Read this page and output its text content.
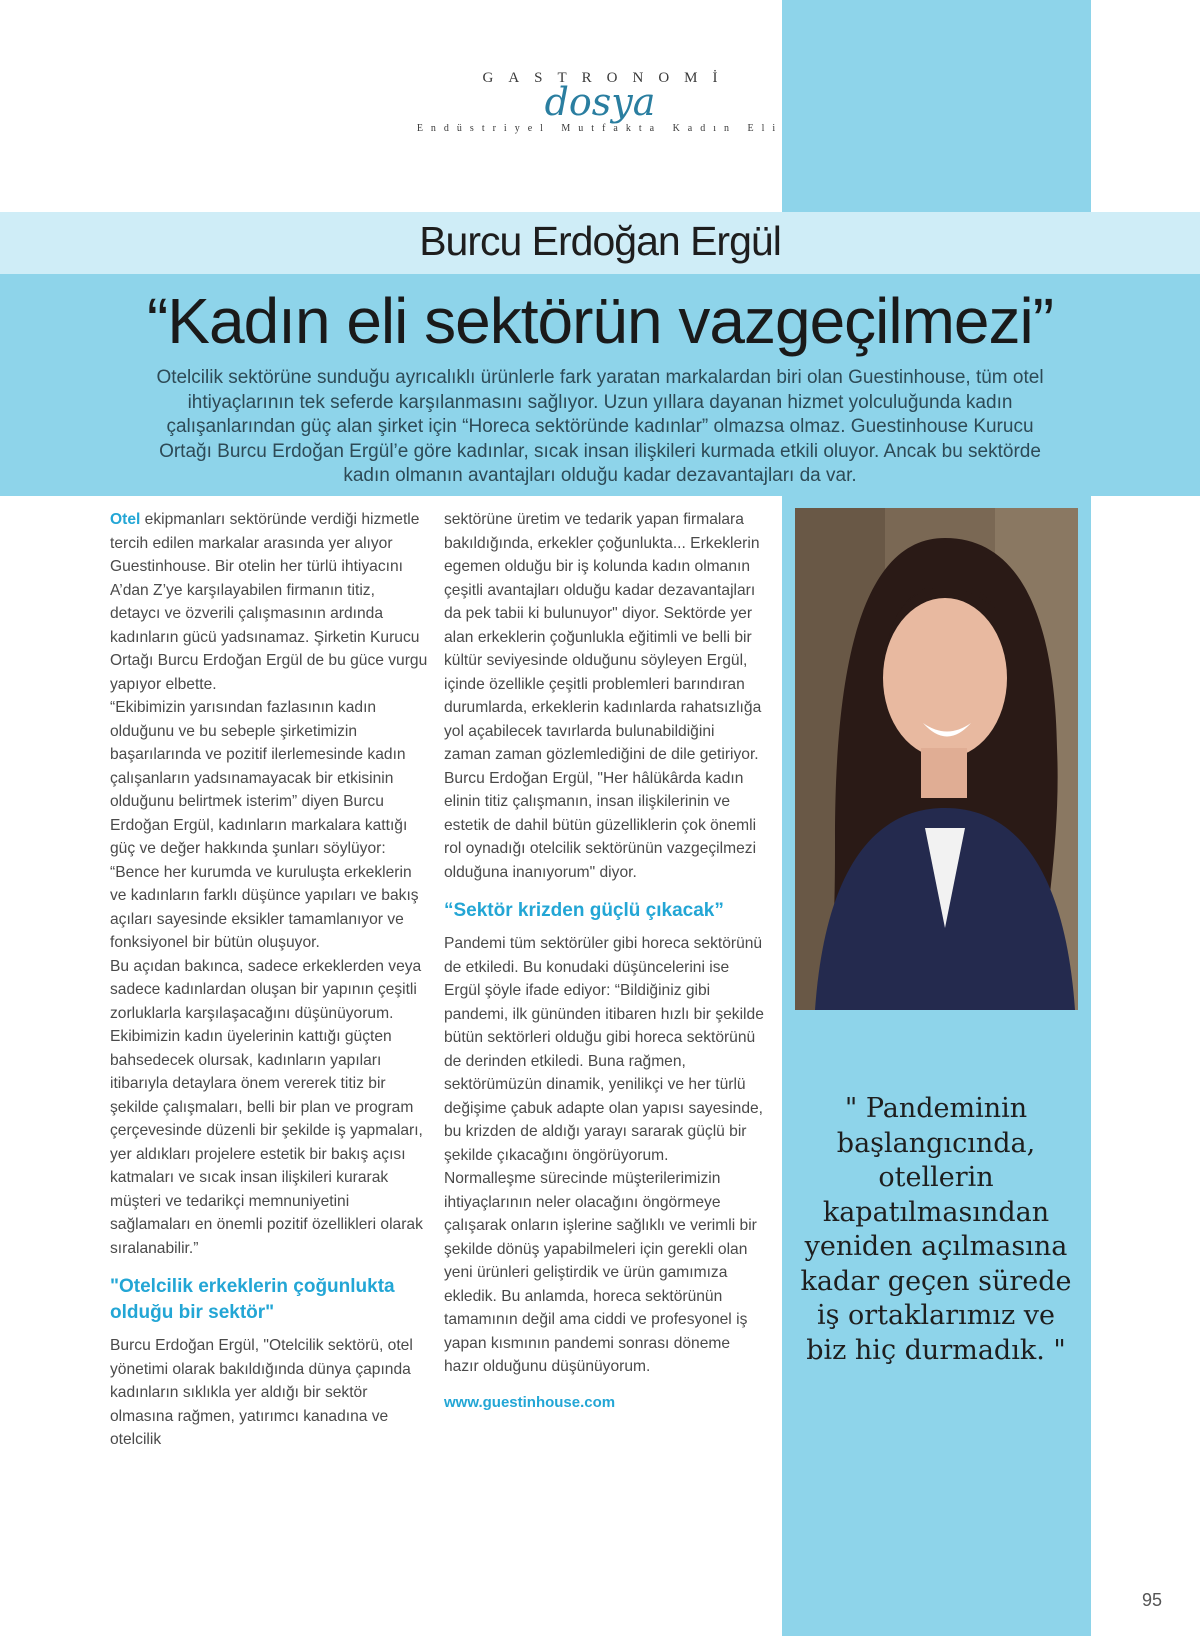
GASTRONOMİ
dosya
Endüstriyel Mutfakta Kadın Eli
Burcu Erdoğan Ergül
“Kadın eli sektörün vazgeçilmezi”
Otelcilik sektörüne sunduğu ayrıcalıklı ürünlerle fark yaratan markalardan biri olan Guestinhouse, tüm otel ihtiyaçlarının tek seferde karşılanmasını sağlıyor. Uzun yıllara dayanan hizmet yolculuğunda kadın çalışanlarından güç alan şirket için “Horeca sektöründe kadınlar” olmazsa olmaz. Guestinhouse Kurucu Ortağı Burcu Erdoğan Ergül’e göre kadınlar, sıcak insan ilişkileri kurmada etkili oluyor. Ancak bu sektörde kadın olmanın avantajları olduğu kadar dezavantajları da var.

Otel ekipmanları sektöründe verdiği hizmetle tercih edilen markalar arasında yer alıyor Guestinhouse. Bir otelin her türlü ihtiyacını A’dan Z’ye karşılayabilen firmanın titiz, detaycı ve özverili çalışmasının ardında kadınların gücü yadsınamaz. Şirketin Kurucu Ortağı Burcu Erdoğan Ergül de bu güce vurgu yapıyor elbette.

“Ekibimizin yarısından fazlasının kadın olduğunu ve bu sebeple şirketimizin başarılarında ve pozitif ilerlemesinde kadın çalışanların yadsınamayacak bir etkisinin olduğunu belirtmek isterim” diyen Burcu Erdoğan Ergül, kadınların markalara kattığı güç ve değer hakkında şunları söylüyor: “Bence her kurumda ve kuruluşta erkeklerin ve kadınların farklı düşünce yapıları ve bakış açıları sayesinde eksikler tamamlanıyor ve fonksiyonel bir bütün oluşuyor.

Bu açıdan bakınca, sadece erkeklerden veya sadece kadınlardan oluşan bir yapının çeşitli zorluklarla karşılaşacağını düşünüyorum. Ekibimizin kadın üyelerinin kattığı güçten bahsedecek olursak, kadınların yapıları itibarıyla detaylara önem vererek titiz bir şekilde çalışmaları, belli bir plan ve program çerçevesinde düzenli bir şekilde iş yapmaları, yer aldıkları projelere estetik bir bakış açısı katmaları ve sıcak insan ilişkileri kurarak müşteri ve tedarikçi memnuniyetini sağlamaları en önemli pozitif özellikleri olarak sıralanabilir.”

"Otelcilik erkeklerin çoğunlukta olduğu bir sektör"

Burcu Erdoğan Ergül, "Otelcilik sektörü, otel yönetimi olarak bakıldığında dünya çapında kadınların sıklıkla yer aldığı bir sektör olmasına rağmen, yatırımcı kanadına ve otelcilik

sektörüne üretim ve tedarik yapan firmalara bakıldığında, erkekler çoğunlukta... Erkeklerin egemen olduğu bir iş kolunda kadın olmanın çeşitli avantajları olduğu kadar dezavantajları da pek tabii ki bulunuyor" diyor. Sektörde yer alan erkeklerin çoğunlukla eğitimli ve belli bir kültür seviyesinde olduğunu söyleyen Ergül, içinde özellikle çeşitli problemleri barındıran durumlarda, erkeklerin kadınlarda rahatsızlığa yol açabilecek tavırlarda bulunabildiğini zaman zaman gözlemlediğini de dile getiriyor. Burcu Erdoğan Ergül, "Her hâlükârda kadın elinin titiz çalışmanın, insan ilişkilerinin ve estetik de dahil bütün güzelliklerin çok önemli rol oynadığı otelcilik sektörünün vazgeçilmezi olduğuna inanıyorum" diyor.

“Sektör krizden güçlü çıkacak”

Pandemi tüm sektörüler gibi horeca sektörünü de etkiledi. Bu konudaki düşüncelerini ise Ergül şöyle ifade ediyor: “Bildiğiniz gibi pandemi, ilk gününden itibaren hızlı bir şekilde bütün sektörleri olduğu gibi horeca sektörünü de derinden etkiledi. Buna rağmen, sektörümüzün dinamik, yenilikçi ve her türlü değişime çabuk adapte olan yapısı sayesinde, bu krizden de aldığı yarayı sararak güçlü bir şekilde çıkacağını öngörüyorum. Normalleşme sürecinde müşterilerimizin ihtiyaçlarının neler olacağını öngörmeye çalışarak onların işlerine sağlıklı ve verimli bir şekilde dönüş yapabilmeleri için gerekli olan yeni ürünleri geliştirdik ve ürün gamımıza ekledik. Bu anlamda, horeca sektörünün tamamının değil ama ciddi ve profesyonel iş yapan kısmının pandemi sonrası döneme hazır olduğunu düşünüyorum.

www.guestinhouse.com
" Pandeminin başlangıcında, otellerin kapatılmasından yeniden açılmasına kadar geçen sürede iş ortaklarımız ve biz hiç durmadık. "
95
